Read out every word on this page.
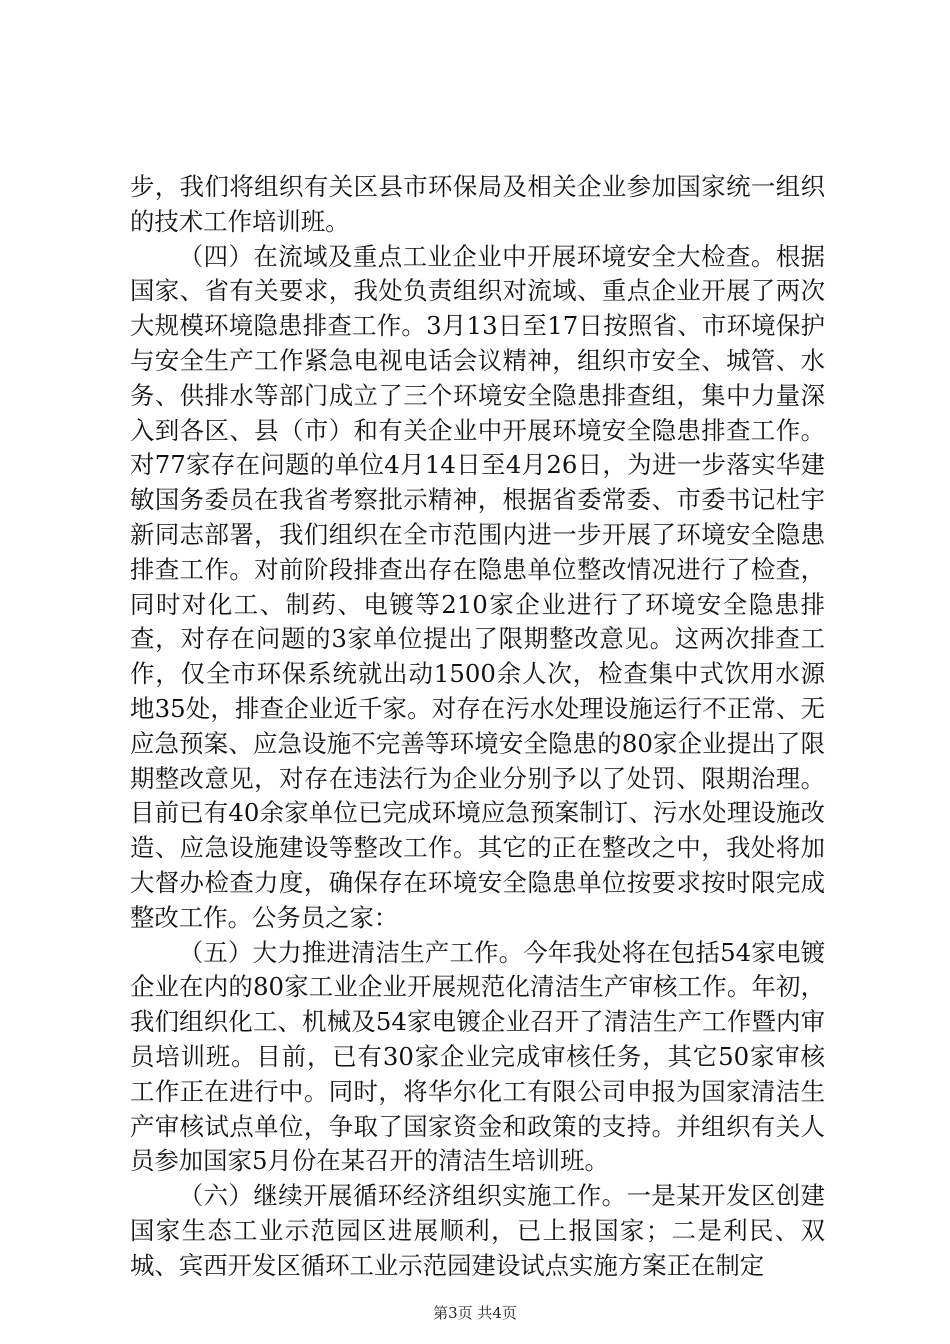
步，我们将组织有关区县市环保局及相关企业参加国家统一组织的技术工作培训班。

（四）在流域及重点工业企业中开展环境安全大检查。根据国家、省有关要求，我处负责组织对流域、重点企业开展了两次大规模环境隐患排查工作。3月13日至17日按照省、市环境保护与安全生产工作紧急电视电话会议精神，组织市安全、城管、水务、供排水等部门成立了三个环境安全隐患排查组，集中力量深入到各区、县（市）和有关企业中开展环境安全隐患排查工作。对77家存在问题的单位4月14日至4月26日，为进一步落实华建敏国务委员在我省考察批示精神，根据省委常委、市委书记杜宇新同志部署，我们组织在全市范围内进一步开展了环境安全隐患排查工作。对前阶段排查出存在隐患单位整改情况进行了检查，同时对化工、制药、电镀等210家企业进行了环境安全隐患排查，对存在问题的3家单位提出了限期整改意见。这两次排查工作，仅全市环保系统就出动1500余人次，检查集中式饮用水源地35处，排查企业近千家。对存在污水处理设施运行不正常、无应急预案、应急设施不完善等环境安全隐患的80家企业提出了限期整改意见，对存在违法行为企业分别予以了处罚、限期治理。目前已有40余家单位已完成环境应急预案制订、污水处理设施改造、应急设施建设等整改工作。其它的正在整改之中，我处将加大督办检查力度，确保存在环境安全隐患单位按要求按时限完成整改工作。公务员之家：

（五）大力推进清洁生产工作。今年我处将在包括54家电镀企业在内的80家工业企业开展规范化清洁生产审核工作。年初，我们组织化工、机械及54家电镀企业召开了清洁生产工作暨内审员培训班。目前，已有30家企业完成审核任务，其它50家审核工作正在进行中。同时，将华尔化工有限公司申报为国家清洁生产审核试点单位，争取了国家资金和政策的支持。并组织有关人员参加国家5月份在某召开的清洁生培训班。

（六）继续开展循环经济组织实施工作。一是某开发区创建国家生态工业示范园区进展顺利，已上报国家；二是利民、双城、宾西开发区循环工业示范园建设试点实施方案正在制定

第3页 共4页
